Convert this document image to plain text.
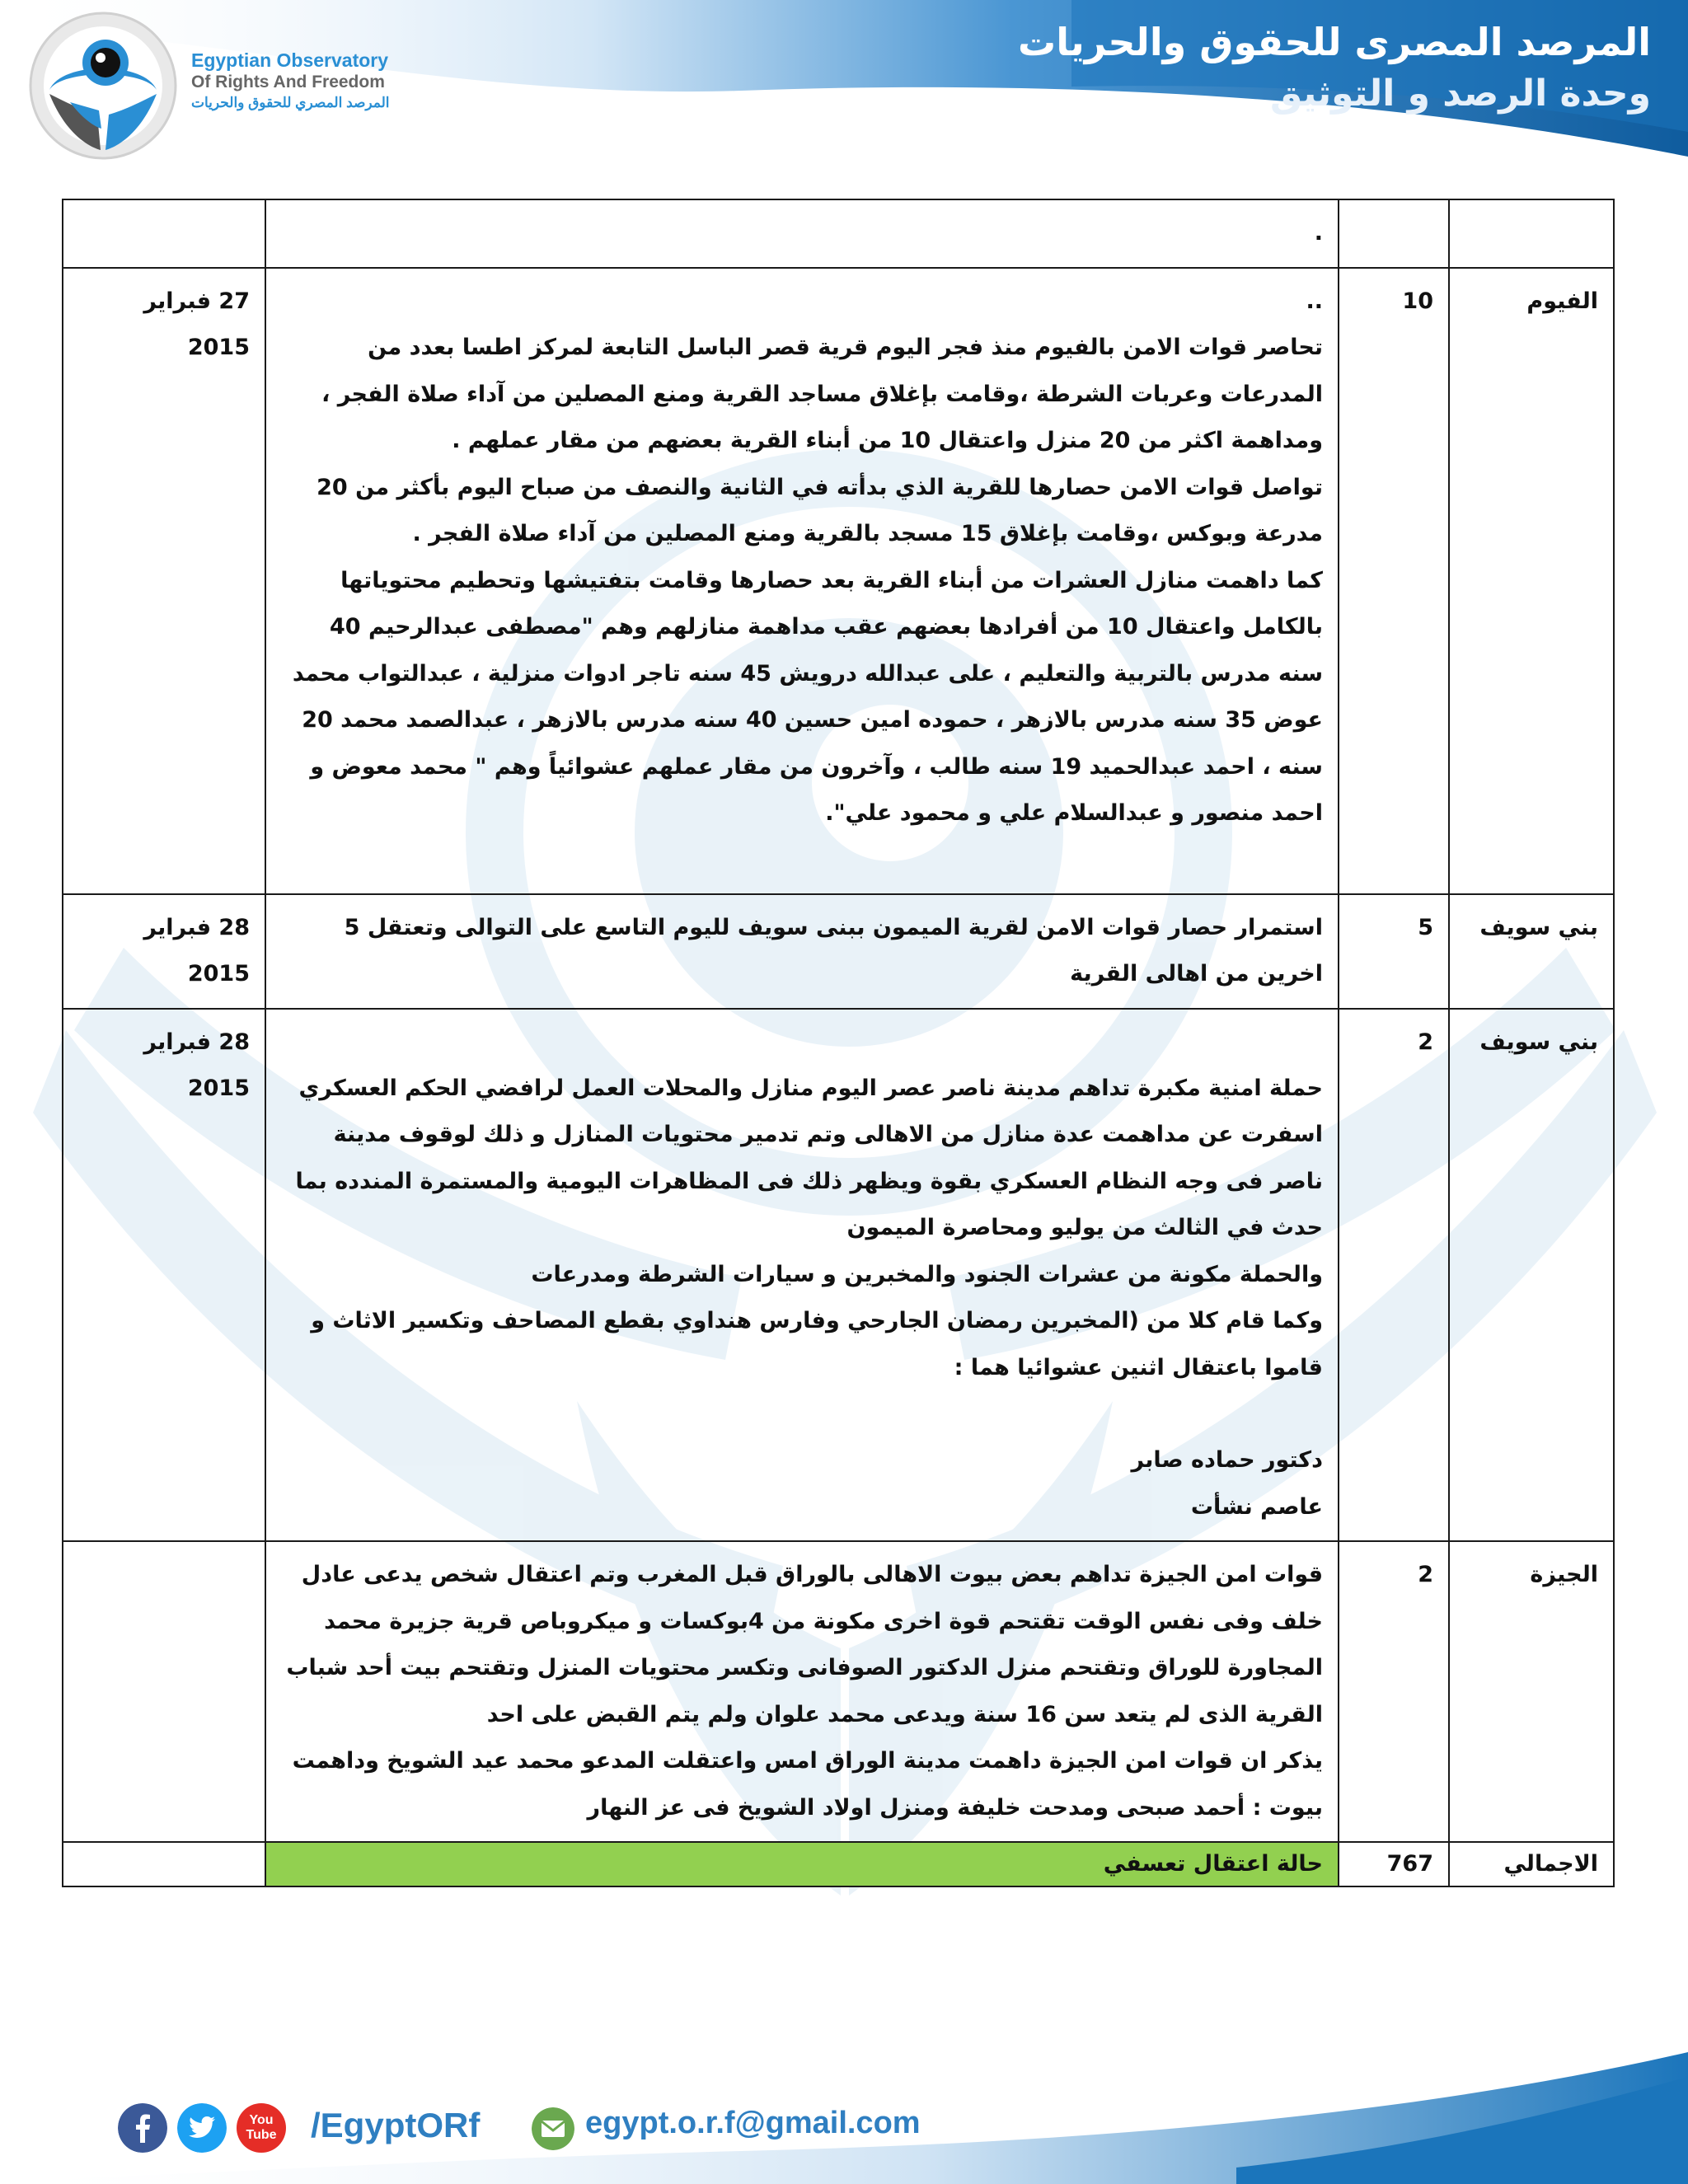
المرصد المصرى للحقوق والحريات
وحدة الرصد و التوثيق
Egyptian Observatory
Of Rights And Freedom
المرصد المصري للحقوق والحريات

		.	

الفيوم	10	..
تحاصر قوات الامن بالفيوم منذ فجر اليوم قرية قصر الباسل التابعة لمركز اطسا بعدد من المدرعات وعربات الشرطة ،وقامت بإغلاق مساجد القرية ومنع المصلين من آداء صلاة الفجر ، ومداهمة اكثر من 20 منزل واعتقال 10 من أبناء القرية بعضهم من مقار عملهم .
تواصل قوات الامن حصارها للقرية الذي بدأته في الثانية والنصف من صباح اليوم بأكثر من 20 مدرعة وبوكس ،وقامت بإغلاق 15 مسجد بالقرية ومنع المصلين من آداء صلاة الفجر .
كما داهمت منازل العشرات من أبناء القرية بعد حصارها وقامت بتفتيشها وتحطيم محتوياتها بالكامل واعتقال 10 من أفرادها بعضهم عقب مداهمة منازلهم وهم "مصطفى عبدالرحيم 40 سنه مدرس بالتربية والتعليم ، على عبدالله درويش 45 سنه تاجر ادوات منزلية ، عبدالتواب محمد عوض 35 سنه مدرس بالازهر ، حموده امين حسين 40 سنه مدرس بالازهر ، عبدالصمد محمد 20 سنه ، احمد عبدالحميد 19 سنه طالب ، وآخرون من مقار عملهم عشوائياً وهم " محمد معوض و احمد منصور و عبدالسلام علي و محمود علي".	27 فبراير 2015
بني سويف	5	استمرار حصار قوات الامن لقرية الميمون ببنى سويف لليوم التاسع على التوالى وتعتقل 5 اخرين من اهالى القرية	28 فبراير 2015
بني سويف	2	حملة امنية مكبرة تداهم مدينة ناصر عصر اليوم منازل والمحلات العمل لرافضي الحكم العسكري اسفرت عن مداهمت عدة منازل من الاهالى وتم تدمير محتويات المنازل و ذلك لوقوف مدينة ناصر فى وجه النظام العسكري بقوة ويظهر ذلك فى المظاهرات اليومية والمستمرة المندده بما حدث في الثالث من يوليو ومحاصرة الميمون
والحملة مكونة من عشرات الجنود والمخبرين و سيارات الشرطة ومدرعات
وكما قام كلا من (المخبرين رمضان الجارحي وفارس هنداوي بقطع المصاحف وتكسير الاثاث و قاموا باعتقال اثنين عشوائيا هما :
دكتور حماده صابر
عاصم نشأت	28 فبراير 2015
الجيزة	2	قوات امن الجيزة تداهم بعض بيوت الاهالى بالوراق قبل المغرب وتم اعتقال شخص يدعى عادل خلف وفى نفس الوقت تقتحم قوة اخرى مكونة من 4بوكسات و ميكروباص قرية جزيرة محمد المجاورة للوراق وتقتحم منزل الدكتور الصوفانى وتكسر محتويات المنزل وتقتحم بيت أحد شباب القرية الذى لم يتعد سن 16 سنة ويدعى محمد علوان ولم يتم القبض على احد
يذكر ان قوات امن الجيزة داهمت مدينة الوراق امس واعتقلت المدعو محمد عيد الشويخ وداهمت بيوت : أحمد صبحى ومدحت خليفة ومنزل اولاد الشويخ فى عز النهار	

الاجمالي	767	حالة اعتقال تعسفي	
You
Tube /EgyptORf	egypt.o.r.f@gmail.com
